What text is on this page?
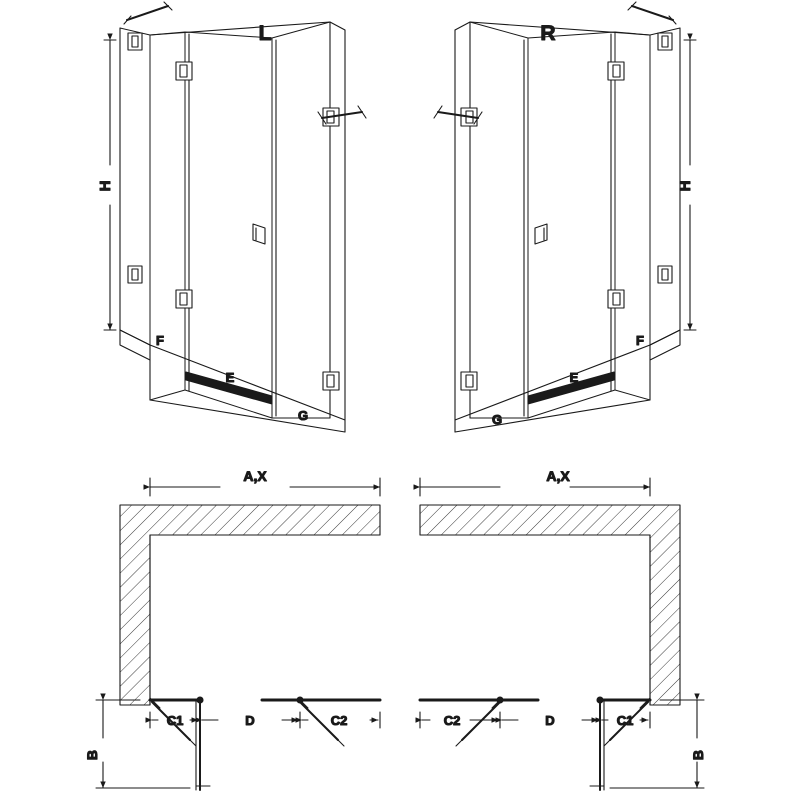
L
H
F
E
G
R
H
F
E
G
A,X
C1	D	C2
B
A,X
C2	D	C1
B
